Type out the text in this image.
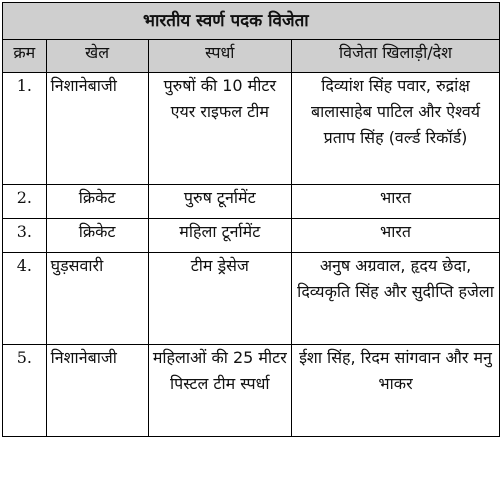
भारतीय स्वर्ण पदक विजेता			
क्रम	खेल	स्पर्धा	विजेता खिलाड़ी/देश
1.	निशानेबाजी	पुरुषों की 10 मीटर एयर राइफल टीम	दिव्यांश सिंह पवार, रुद्रांक्ष बालासाहेब पाटिल और ऐश्वर्य प्रताप सिंह (वर्ल्ड रिकॉर्ड)
2.	क्रिकेट	पुरुष टूर्नामेंट	भारत
3.	क्रिकेट	महिला टूर्नामेंट	भारत
4.	घुड़सवारी	टीम ड्रेसेज	अनुष अग्रवाल, हृदय छेदा, दिव्यकृति सिंह और सुदीप्ति हजेला
5.	निशानेबाजी	महिलाओं की 25 मीटर पिस्टल टीम स्पर्धा	ईशा सिंह, रिदम सांगवान और मनु भाकर
